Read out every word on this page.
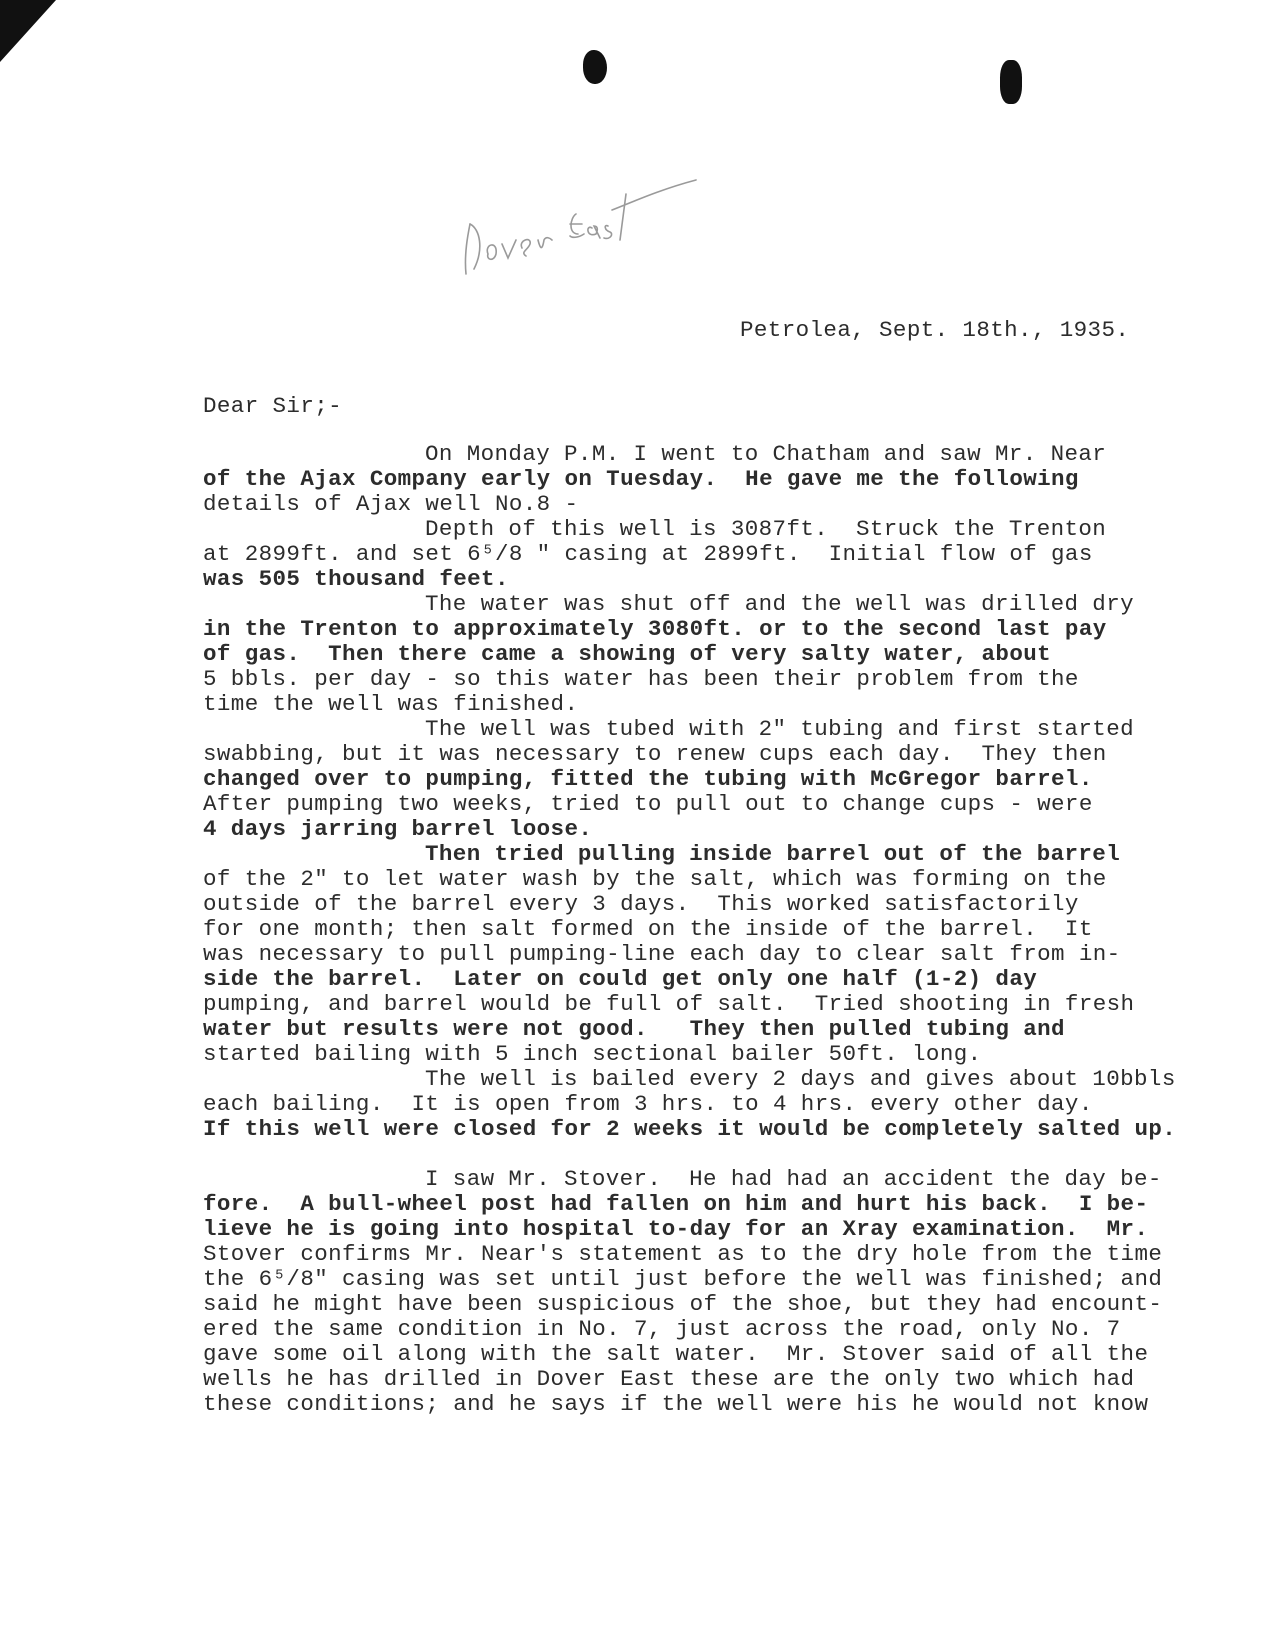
Petrolea, Sept. 18th., 1935.
Dear Sir;-
On Monday P.M. I went to Chatham and saw Mr. Near
of the Ajax Company early on Tuesday.  He gave me the following
details of Ajax well No.8 -
Depth of this well is 3087ft.  Struck the Trenton
at 2899ft. and set 6⁵/8 " casing at 2899ft.  Initial flow of gas
was 505 thousand feet.
The water was shut off and the well was drilled dry
in the Trenton to approximately 3080ft. or to the second last pay
of gas.  Then there came a showing of very salty water, about
5 bbls. per day - so this water has been their problem from the
time the well was finished.
The well was tubed with 2" tubing and first started
swabbing, but it was necessary to renew cups each day.  They then
changed over to pumping, fitted the tubing with McGregor barrel.
After pumping two weeks, tried to pull out to change cups - were
4 days jarring barrel loose.
Then tried pulling inside barrel out of the barrel
of the 2" to let water wash by the salt, which was forming on the
outside of the barrel every 3 days.  This worked satisfactorily
for one month; then salt formed on the inside of the barrel.  It
was necessary to pull pumping-line each day to clear salt from in-
side the barrel.  Later on could get only one half (1-2) day
pumping, and barrel would be full of salt.  Tried shooting in fresh
water but results were not good.   They then pulled tubing and
started bailing with 5 inch sectional bailer 50ft. long.
The well is bailed every 2 days and gives about 10bbls
each bailing.  It is open from 3 hrs. to 4 hrs. every other day.
If this well were closed for 2 weeks it would be completely salted up.
I saw Mr. Stover.  He had had an accident the day be-
fore.  A bull-wheel post had fallen on him and hurt his back.  I be-
lieve he is going into hospital to-day for an Xray examination.  Mr.
Stover confirms Mr. Near's statement as to the dry hole from the time
the 6⁵/8" casing was set until just before the well was finished; and
said he might have been suspicious of the shoe, but they had encount-
ered the same condition in No. 7, just across the road, only No. 7
gave some oil along with the salt water.  Mr. Stover said of all the
wells he has drilled in Dover East these are the only two which had
these conditions; and he says if the well were his he would not know
